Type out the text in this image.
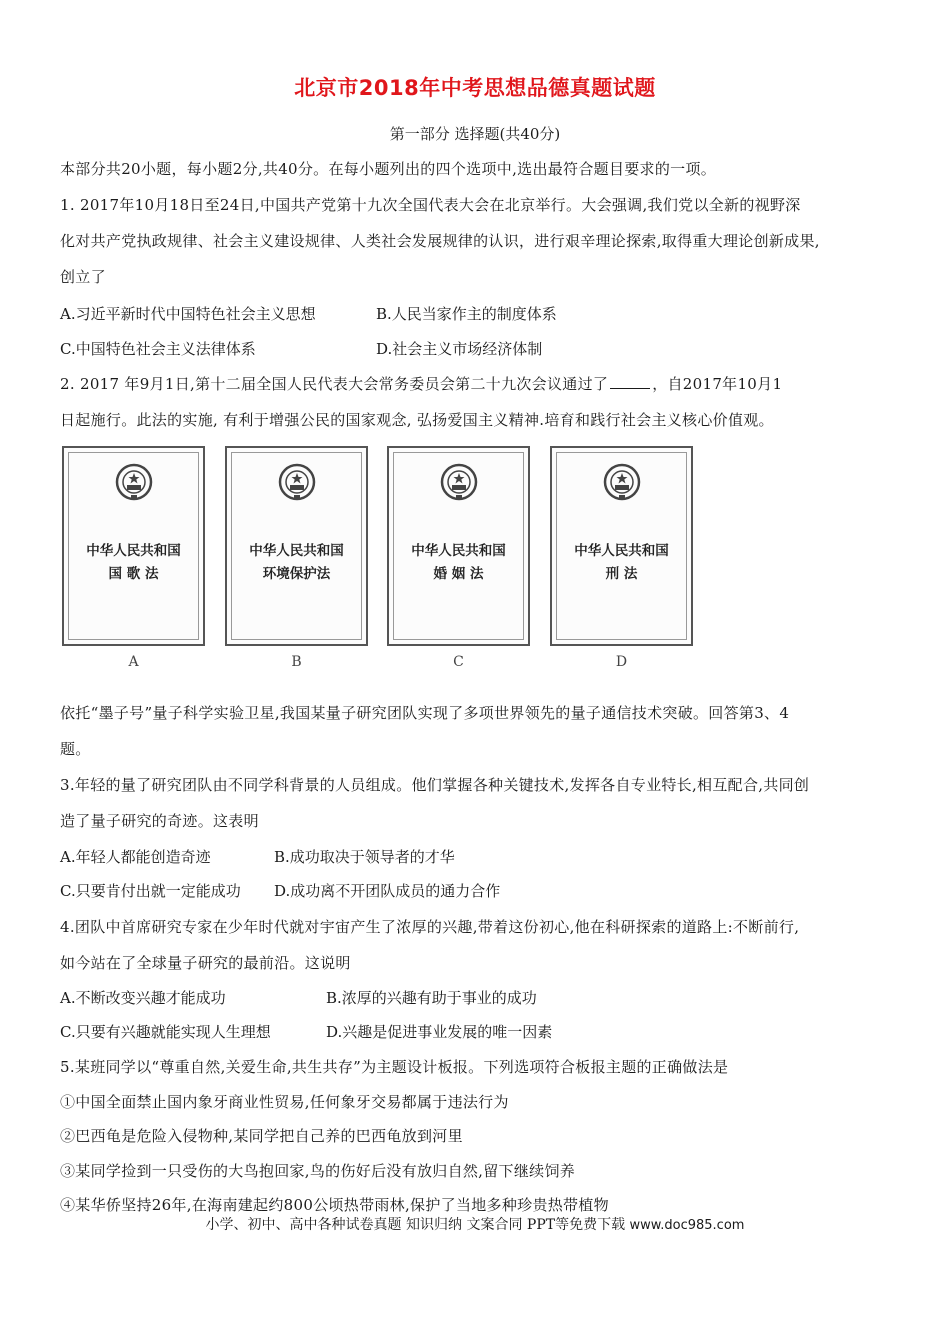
北京市2018年中考思想品德真题试题
第一部分 选择题(共40分)
本部分共20小题，每小题2分,共40分。在每小题列出的四个选项中,选出最符合题目要求的一项。
1. 2017年10月18日至24日,中国共产党第十九次全国代表大会在北京举行。大会强调,我们党以全新的视野深
化对共产党执政规律、社会主义建设规律、人类社会发展规律的认识，进行艰辛理论探索,取得重大理论创新成果,
创立了
A.习近平新时代中国特色社会主义思想	B.人民当家作主的制度体系
C.中国特色社会主义法律体系	D.社会主义市场经济体制
2. 2017 年9月1日,第十二届全国人民代表大会常务委员会第二十九次会议通过了	，自2017年10月1
日起施行。此法的实施, 有利于增强公民的国家观念, 弘扬爱国主义精神.培育和践行社会主义核心价值观。
中华人民共和国
国 歌 法
A
中华人民共和国
环境保护法
B
中华人民共和国
婚 姻 法
C
中华人民共和国
刑 法
D
依托“墨子号”量子科学实验卫星,我国某量子研究团队实现了多项世界领先的量子通信技术突破。回答第3、4
题。
3.年轻的量了研究团队由不同学科背景的人员组成。他们掌握各种关键技术,发挥各自专业特长,相互配合,共同创
造了量子研究的奇迹。这表明
A.年轻人都能创造奇迹	B.成功取决于领导者的才华
C.只要肯付出就一定能成功 D.成功离不开团队成员的通力合作
4.团队中首席研究专家在少年时代就对宇宙产生了浓厚的兴趣,带着这份初心,他在科研探索的道路上:不断前行,
如今站在了全球量子研究的最前沿。这说明
A.不断改变兴趣才能成功	B.浓厚的兴趣有助于事业的成功
C.只要有兴趣就能实现人生理想	D.兴趣是促进事业发展的唯一因素
5.某班同学以“尊重自然,关爱生命,共生共存”为主题设计板报。下列选项符合板报主题的正确做法是
①中国全面禁止国内象牙商业性贸易,任何象牙交易都属于违法行为
②巴西龟是危险入侵物种,某同学把自己养的巴西龟放到河里
③某同学捡到一只受伤的大鸟抱回家,鸟的伤好后没有放归自然,留下继续饲养
④某华侨坚持26年,在海南建起约800公顷热带雨林,保护了当地多种珍贵热带植物
小学、初中、高中各种试卷真题 知识归纳 文案合同 PPT等免费下载 www.doc985.com
